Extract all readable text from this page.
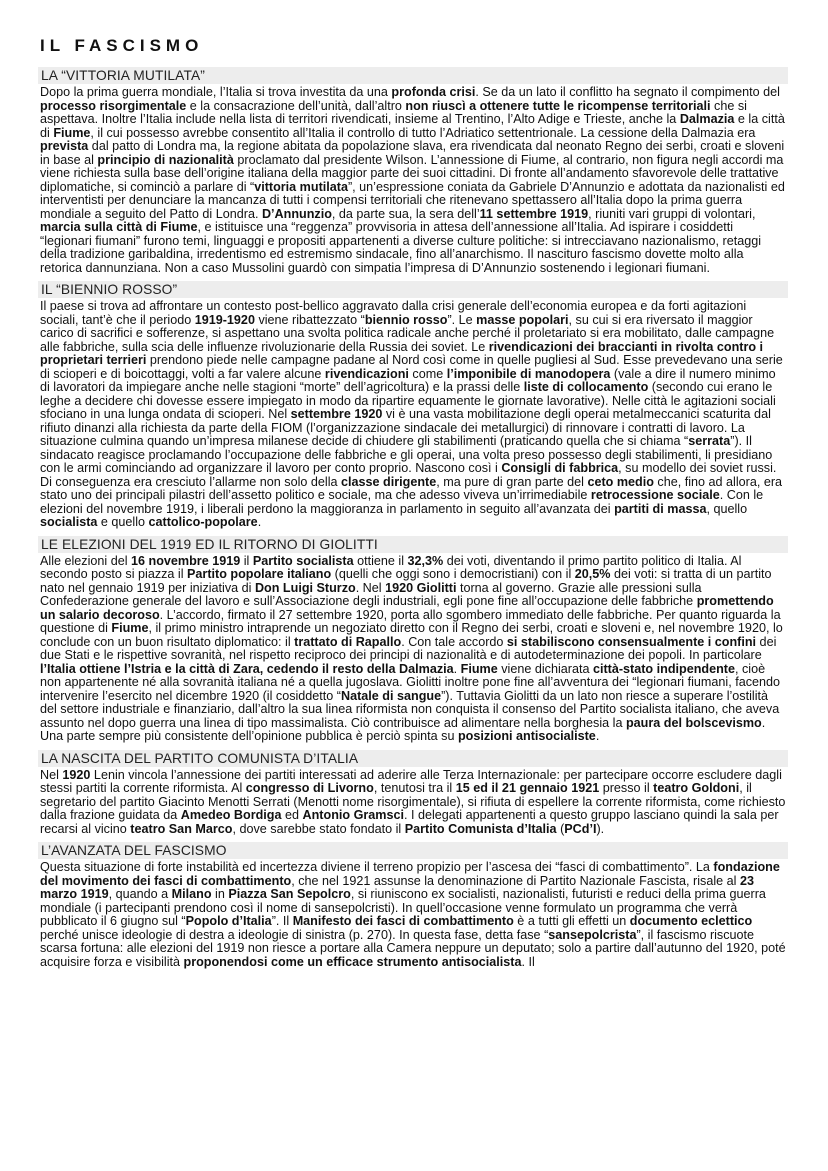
IL FASCISMO
LA “VITTORIA MUTILATA”

Dopo la prima guerra mondiale, l’Italia si trova investita da una profonda crisi. Se da un lato il conflitto ha segnato il compimento del processo risorgimentale e la consacrazione dell’unità, dall’altro non riuscì a ottenere tutte le ricompense territoriali che si aspettava. Inoltre l’Italia include nella lista di territori rivendicati, insieme al Trentino, l’Alto Adige e Trieste, anche la Dalmazia e la città di Fiume, il cui possesso avrebbe consentito all’Italia il controllo di tutto l’Adriatico settentrionale. La cessione della Dalmazia era prevista dal patto di Londra ma, la regione abitata da popolazione slava, era rivendicata dal neonato Regno dei serbi, croati e sloveni in base al principio di nazionalità proclamato dal presidente Wilson. L’annessione di Fiume, al contrario, non figura negli accordi ma viene richiesta sulla base dell’origine italiana della maggior parte dei suoi cittadini. Di fronte all’andamento sfavorevole delle trattative diplomatiche, si cominciò a parlare di “vittoria mutilata”, un’espressione coniata da Gabriele D’Annunzio e adottata da nazionalisti ed interventisti per denunciare la mancanza di tutti i compensi territoriali che ritenevano spettassero all’Italia dopo la prima guerra mondiale a seguito del Patto di Londra. D’Annunzio, da parte sua, la sera dell’11 settembre 1919, riuniti vari gruppi di volontari, marcia sulla città di Fiume, e istituisce una “reggenza” provvisoria in attesa dell’annessione all’Italia. Ad ispirare i cosiddetti “legionari fiumani” furono temi, linguaggi e propositi appartenenti a diverse culture politiche: si intrecciavano nazionalismo, retaggi della tradizione garibaldina, irredentismo ed estremismo sindacale, fino all’anarchismo. Il nascituro fascismo dovette molto alla retorica dannunziana. Non a caso Mussolini guardò con simpatia l’impresa di D’Annunzio sostenendo i legionari fiumani.

IL “BIENNIO ROSSO”

Il paese si trova ad affrontare un contesto post-bellico aggravato dalla crisi generale dell’economia europea e da forti agitazioni sociali, tant’è che il periodo 1919-1920 viene ribattezzato “biennio rosso”. Le masse popolari, su cui si era riversato il maggior carico di sacrifici e sofferenze, si aspettano una svolta politica radicale anche perché il proletariato si era mobilitato, dalle campagne alle fabbriche, sulla scia delle influenze rivoluzionarie della Russia dei soviet. Le rivendicazioni dei braccianti in rivolta contro i proprietari terrieri prendono piede nelle campagne padane al Nord così come in quelle pugliesi al Sud. Esse prevedevano una serie di scioperi e di boicottaggi, volti a far valere alcune rivendicazioni come l’imponibile di manodopera (vale a dire il numero minimo di lavoratori da impiegare anche nelle stagioni “morte” dell’agricoltura) e la prassi delle liste di collocamento (secondo cui erano le leghe a decidere chi dovesse essere impiegato in modo da ripartire equamente le giornate lavorative). Nelle città le agitazioni sociali sfociano in una lunga ondata di scioperi. Nel settembre 1920 vi è una vasta mobilitazione degli operai metalmeccanici scaturita dal rifiuto dinanzi alla richiesta da parte della FIOM (l’organizzazione sindacale dei metallurgici) di rinnovare i contratti di lavoro. La situazione culmina quando un’impresa milanese decide di chiudere gli stabilimenti (praticando quella che si chiama “serrata”). Il sindacato reagisce proclamando l’occupazione delle fabbriche e gli operai, una volta preso possesso degli stabilimenti, li presidiano con le armi cominciando ad organizzare il lavoro per conto proprio. Nascono così i Consigli di fabbrica, su modello dei soviet russi. Di conseguenza era cresciuto l’allarme non solo della classe dirigente, ma pure di gran parte del ceto medio che, fino ad allora, era stato uno dei principali pilastri dell’assetto politico e sociale, ma che adesso viveva un’irrimediabile retrocessione sociale. Con le elezioni del novembre 1919, i liberali perdono la maggioranza in parlamento in seguito all’avanzata dei partiti di massa, quello socialista e quello cattolico-popolare.

LE ELEZIONI DEL 1919 ED IL RITORNO DI GIOLITTI

Alle elezioni del 16 novembre 1919 il Partito socialista ottiene il 32,3% dei voti, diventando il primo partito politico di Italia. Al secondo posto si piazza il Partito popolare italiano (quelli che oggi sono i democristiani) con il 20,5% dei voti: si tratta di un partito nato nel gennaio 1919 per iniziativa di Don Luigi Sturzo. Nel 1920 Giolitti torna al governo. Grazie alle pressioni sulla Confederazione generale del lavoro e sull’Associazione degli industriali, egli pone fine all’occupazione delle fabbriche promettendo un salario decoroso. L’accordo, firmato il 27 settembre 1920, porta allo sgombero immediato delle fabbriche. Per quanto riguarda la questione di Fiume, il primo ministro intraprende un negoziato diretto con il Regno dei serbi, croati e sloveni e, nel novembre 1920, lo conclude con un buon risultato diplomatico: il trattato di Rapallo. Con tale accordo si stabiliscono consensualmente i confini dei due Stati e le rispettive sovranità, nel rispetto reciproco dei principi di nazionalità e di autodeterminazione dei popoli. In particolare l’Italia ottiene l’Istria e la città di Zara, cedendo il resto della Dalmazia. Fiume viene dichiarata città-stato indipendente, cioè non appartenente né alla sovranità italiana né a quella jugoslava. Giolitti inoltre pone fine all’avventura dei “legionari fiumani, facendo intervenire l’esercito nel dicembre 1920 (il cosiddetto “Natale di sangue”). Tuttavia Giolitti da un lato non riesce a superare l’ostilità del settore industriale e finanziario, dall’altro la sua linea riformista non conquista il consenso del Partito socialista italiano, che aveva assunto nel dopo guerra una linea di tipo massimalista. Ciò contribuisce ad alimentare nella borghesia la paura del bolscevismo. Una parte sempre più consistente dell’opinione pubblica è perciò spinta su posizioni antisocialiste.

LA NASCITA DEL PARTITO COMUNISTA D’ITALIA

Nel 1920 Lenin vincola l’annessione dei partiti interessati ad aderire alle Terza Internazionale: per partecipare occorre escludere dagli stessi partiti la corrente riformista. Al congresso di Livorno, tenutosi tra il 15 ed il 21 gennaio 1921 presso il teatro Goldoni, il segretario del partito Giacinto Menotti Serrati (Menotti nome risorgimentale), si rifiuta di espellere la corrente riformista, come richiesto dalla frazione guidata da Amedeo Bordiga ed Antonio Gramsci. I delegati appartenenti a questo gruppo lasciano quindi la sala per recarsi al vicino teatro San Marco, dove sarebbe stato fondato il Partito Comunista d’Italia (PCd’I).

L’AVANZATA DEL FASCISMO

Questa situazione di forte instabilità ed incertezza diviene il terreno propizio per l’ascesa dei “fasci di combattimento”. La fondazione del movimento dei fasci di combattimento, che nel 1921 assunse la denominazione di Partito Nazionale Fascista, risale al 23 marzo 1919, quando a Milano in Piazza San Sepolcro, si riuniscono ex socialisti, nazionalisti, futuristi e reduci della prima guerra mondiale (i partecipanti prendono così il nome di sansepolcristi). In quell’occasione venne formulato un programma che verrà pubblicato il 6 giugno sul “Popolo d’Italia”. Il Manifesto dei fasci di combattimento è a tutti gli effetti un documento eclettico perché unisce ideologie di destra a ideologie di sinistra (p. 270). In questa fase, detta fase “sansepolcrista”, il fascismo riscuote scarsa fortuna: alle elezioni del 1919 non riesce a portare alla Camera neppure un deputato; solo a partire dall’autunno del 1920, poté acquisire forza e visibilità proponendosi come un efficace strumento antisocialista. Il
